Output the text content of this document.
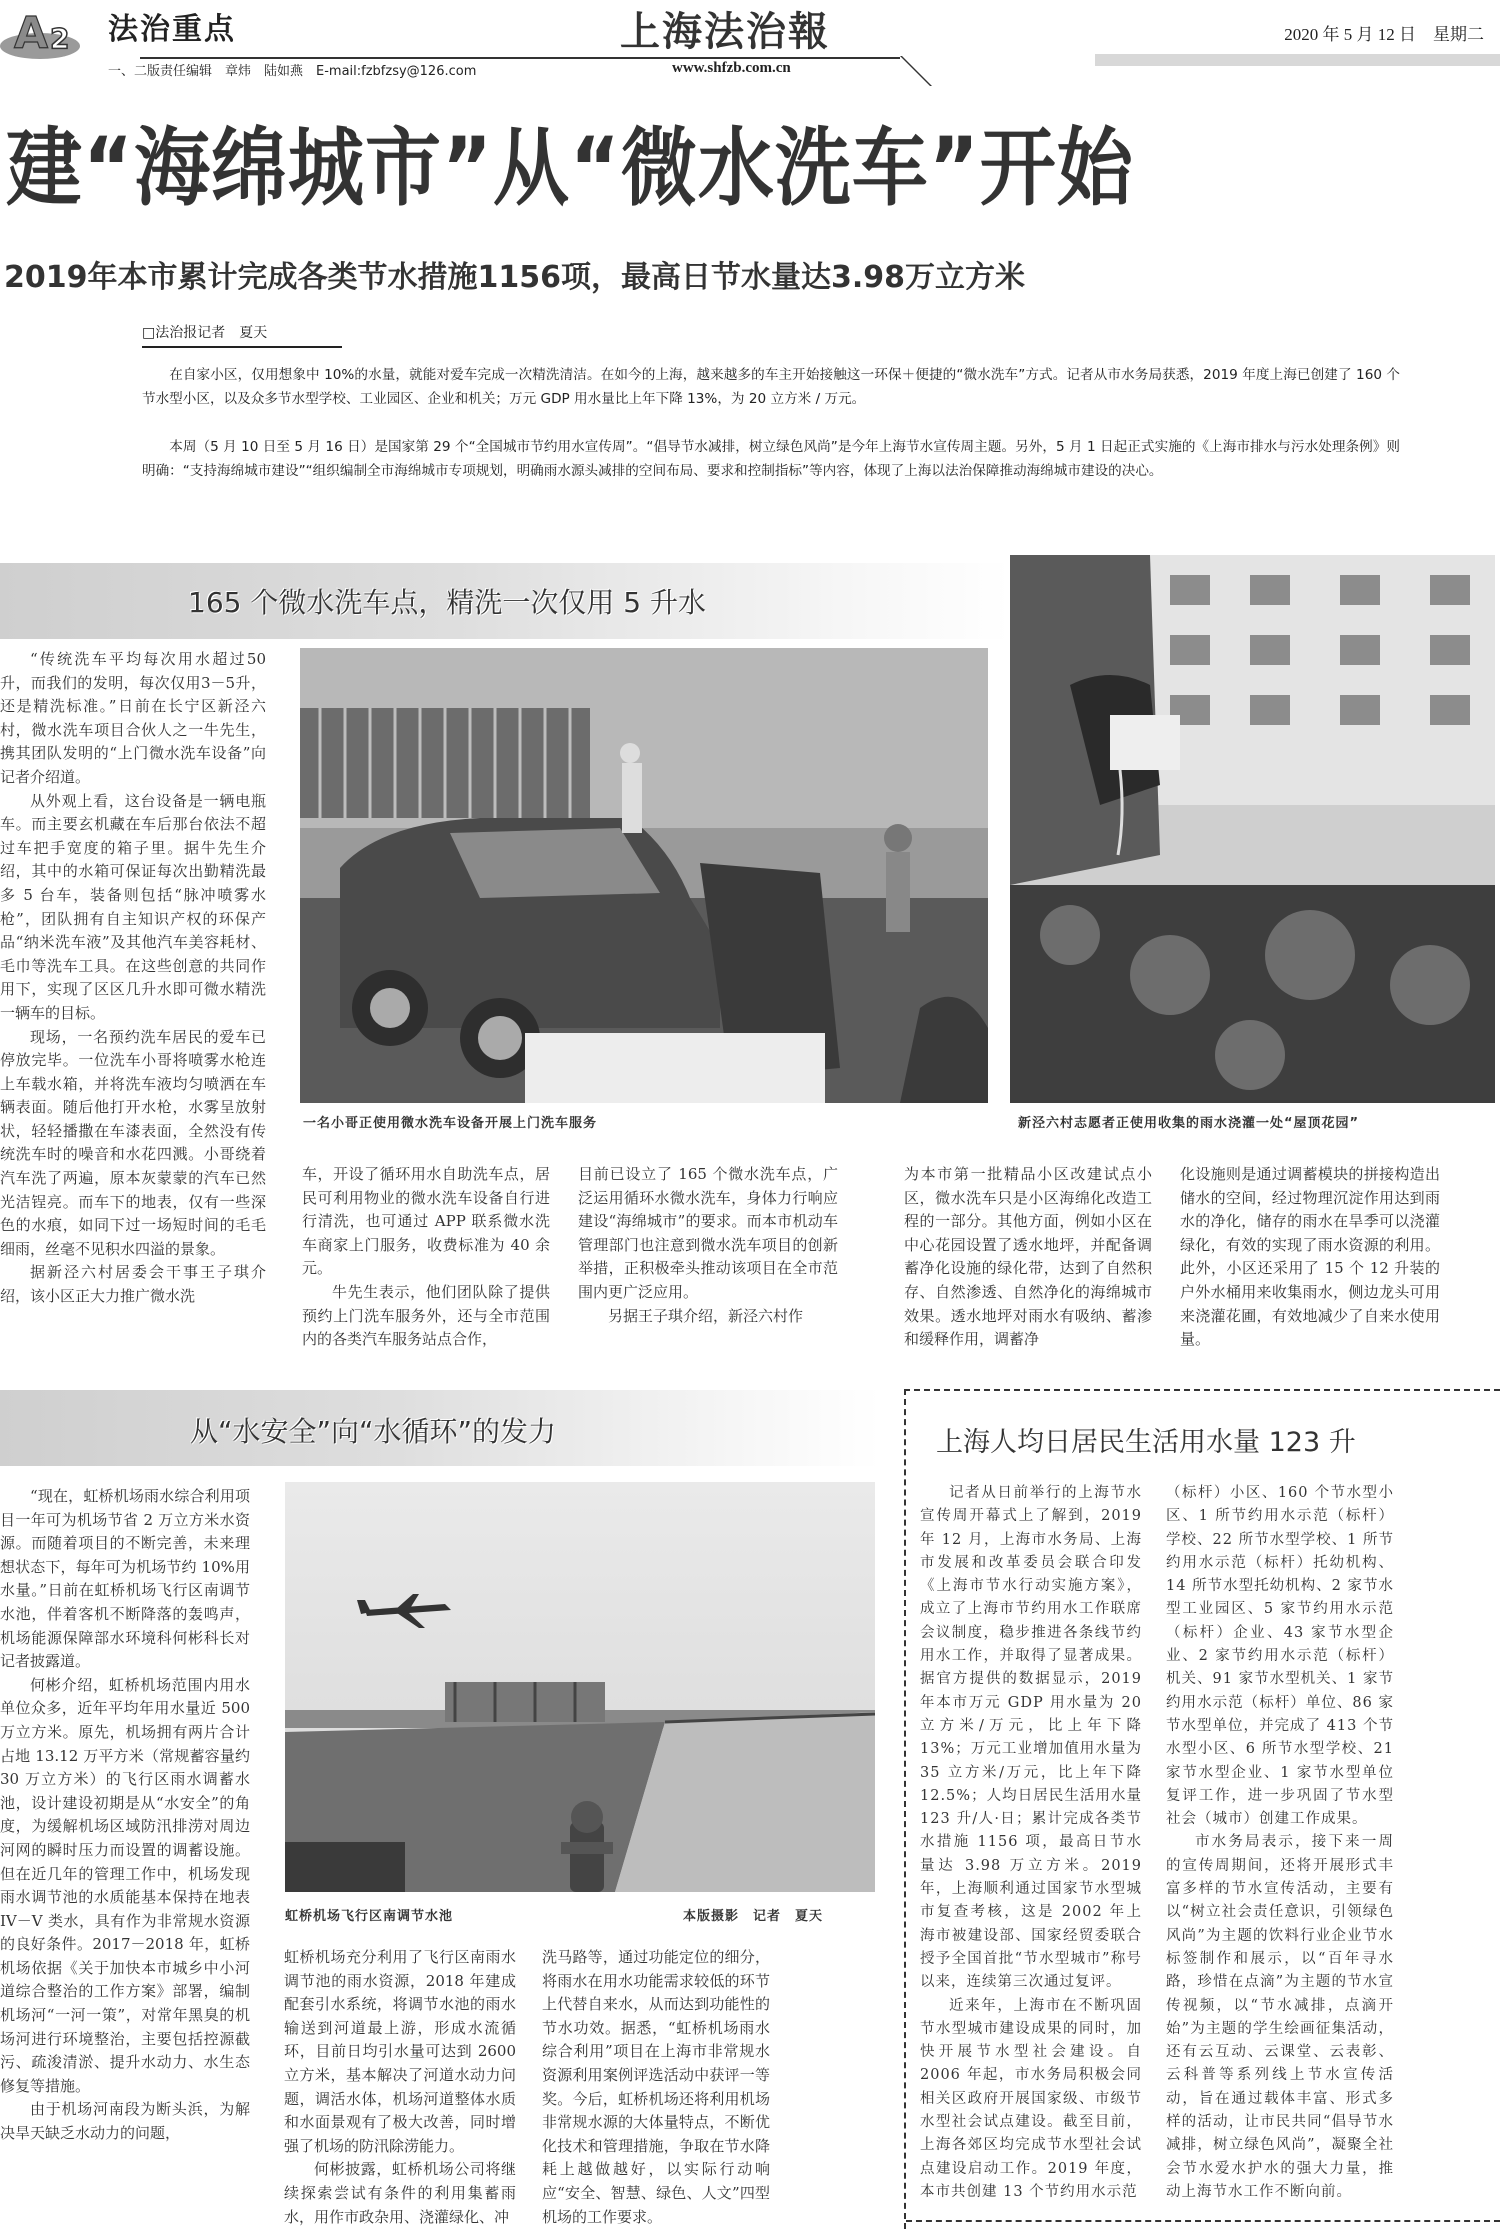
A 2 法治重点
一、二版责任编辑　章炜　陆如燕　E-mail:fzbfzsy@126.com
上海法治報
www.shfzb.com.cn
2020 年 5 月 12 日　星期二
建“海绵城市”从“微水洗车”开始
2019年本市累计完成各类节水措施1156项，最高日节水量达3.98万立方米
□法治报记者　夏天

在自家小区，仅用想象中 10%的水量，就能对爱车完成一次精洗清洁。在如今的上海，越来越多的车主开始接触这一环保＋便捷的“微水洗车”方式。记者从市水务局获悉，2019 年度上海已创建了 160 个节水型小区，以及众多节水型学校、工业园区、企业和机关；万元 GDP 用水量比上年下降 13%，为 20 立方米 / 万元。

本周（5 月 10 日至 5 月 16 日）是国家第 29 个“全国城市节约用水宣传周”。“倡导节水减排，树立绿色风尚”是今年上海节水宣传周主题。另外，5 月 1 日起正式实施的《上海市排水与污水处理条例》则明确：“支持海绵城市建设”“组织编制全市海绵城市专项规划，明确雨水源头减排的空间布局、要求和控制指标”等内容，体现了上海以法治保障推动海绵城市建设的决心。

165 个微水洗车点，精洗一次仅用 5 升水

“传统洗车平均每次用水超过50升，而我们的发明，每次仅用3－5升，还是精洗标准。”日前在长宁区新泾六村，微水洗车项目合伙人之一牛先生，携其团队发明的“上门微水洗车设备”向记者介绍道。

从外观上看，这台设备是一辆电瓶车。而主要玄机藏在车后那台依法不超过车把手宽度的箱子里。据牛先生介绍，其中的水箱可保证每次出勤精洗最多 5 台车，装备则包括“脉冲喷雾水枪”，团队拥有自主知识产权的环保产品“纳米洗车液”及其他汽车美容耗材、毛巾等洗车工具。在这些创意的共同作用下，实现了区区几升水即可微水精洗一辆车的目标。

现场，一名预约洗车居民的爱车已停放完毕。一位洗车小哥将喷雾水枪连上车载水箱，并将洗车液均匀喷洒在车辆表面。随后他打开水枪，水雾呈放射状，轻轻播撒在车漆表面，全然没有传统洗车时的噪音和水花四溅。小哥绕着汽车洗了两遍，原本灰蒙蒙的汽车已然光洁锃亮。而车下的地表，仅有一些深色的水痕，如同下过一场短时间的毛毛细雨，丝毫不见积水四溢的景象。

据新泾六村居委会干事王子琪介绍，该小区正大力推广微水洗

一名小哥正使用微水洗车设备开展上门洗车服务	新泾六村志愿者正使用收集的雨水浇灌一处“屋顶花园”

车，开设了循环用水自助洗车点，居民可利用物业的微水洗车设备自行进行清洗，也可通过 APP 联系微水洗车商家上门服务，收费标准为 40 余元。

牛先生表示，他们团队除了提供预约上门洗车服务外，还与全市范围内的各类汽车服务站点合作，

目前已设立了 165 个微水洗车点，广泛运用循环水微水洗车，身体力行响应建设“海绵城市”的要求。而本市机动车管理部门也注意到微水洗车项目的创新举措，正积极牵头推动该项目在全市范围内更广泛应用。

另据王子琪介绍，新泾六村作

为本市第一批精品小区改建试点小区，微水洗车只是小区海绵化改造工程的一部分。其他方面，例如小区在中心花园设置了透水地坪，并配备调蓄净化设施的绿化带，达到了自然积存、自然渗透、自然净化的海绵城市效果。透水地坪对雨水有吸纳、蓄渗和缓释作用，调蓄净

化设施则是通过调蓄模块的拼接构造出储水的空间，经过物理沉淀作用达到雨水的净化，储存的雨水在旱季可以浇灌绿化，有效的实现了雨水资源的利用。此外，小区还采用了 15 个 12 升装的户外水桶用来收集雨水，侧边龙头可用来浇灌花圃，有效地减少了自来水使用量。

从“水安全”向“水循环”的发力

“现在，虹桥机场雨水综合利用项目一年可为机场节省 2 万立方米水资源。而随着项目的不断完善，未来理想状态下，每年可为机场节约 10%用水量。”日前在虹桥机场飞行区南调节水池，伴着客机不断降落的轰鸣声，机场能源保障部水环境科何彬科长对记者披露道。

何彬介绍，虹桥机场范围内用水单位众多，近年平均年用水量近 500 万立方米。原先，机场拥有两片合计占地 13.12 万平方米（常规蓄容量约 30 万立方米）的飞行区雨水调蓄水池，设计建设初期是从“水安全”的角度，为缓解机场区域防汛排涝对周边河网的瞬时压力而设置的调蓄设施。但在近几年的管理工作中，机场发现雨水调节池的水质能基本保持在地表 IV－V 类水，具有作为非常规水资源的良好条件。2017－2018 年，虹桥机场依据《关于加快本市城乡中小河道综合整治的工作方案》部署，编制机场河“一河一策”，对常年黑臭的机场河进行环境整治，主要包括控源截污、疏浚清淤、提升水动力、水生态修复等措施。

由于机场河南段为断头浜，为解决旱天缺乏水动力的问题，

虹桥机场飞行区南调节水池	本版摄影　记者　夏天

虹桥机场充分利用了飞行区南雨水调节池的雨水资源，2018 年建成配套引水系统，将调节水池的雨水输送到河道最上游，形成水流循环，目前日均引水量可达到 2600 立方米，基本解决了河道水动力问题，调活水体，机场河道整体水质和水面景观有了极大改善，同时增强了机场的防汛除涝能力。

何彬披露，虹桥机场公司将继续探索尝试有条件的利用集蓄雨水，用作市政杂用、浇灌绿化、冲

洗马路等，通过功能定位的细分，将雨水在用水功能需求较低的环节上代替自来水，从而达到功能性的节水功效。据悉，“虹桥机场雨水综合利用”项目在上海市非常规水资源利用案例评选活动中获评一等奖。今后，虹桥机场还将利用机场非常规水源的大体量特点，不断优化技术和管理措施，争取在节水降耗上越做越好，以实际行动响应“安全、智慧、绿色、人文”四型机场的工作要求。

上海人均日居民生活用水量 123 升

记者从日前举行的上海节水宣传周开幕式上了解到，2019 年 12 月，上海市水务局、上海市发展和改革委员会联合印发《上海市节水行动实施方案》，成立了上海市节约用水工作联席会议制度，稳步推进各条线节约用水工作，并取得了显著成果。据官方提供的数据显示，2019 年本市万元 GDP 用水量为 20 立方米/万元，比上年下降 13%；万元工业增加值用水量为 35 立方米/万元，比上年下降 12.5%；人均日居民生活用水量 123 升/人·日；累计完成各类节水措施 1156 项，最高日节水量达 3.98 万立方米。2019 年，上海顺利通过国家节水型城市复查考核，这是 2002 年上海市被建设部、国家经贸委联合授予全国首批“节水型城市”称号以来，连续第三次通过复评。

近来年，上海市在不断巩固节水型城市建设成果的同时，加快开展节水型社会建设。自 2006 年起，市水务局积极会同相关区政府开展国家级、市级节水型社会试点建设。截至目前，上海各郊区均完成节水型社会试点建设启动工作。2019 年度，本市共创建 13 个节约用水示范

（标杆）小区、160 个节水型小区、1 所节约用水示范（标杆）学校、22 所节水型学校、1 所节约用水示范（标杆）托幼机构、14 所节水型托幼机构、2 家节水型工业园区、5 家节约用水示范（标杆）企业、43 家节水型企业、2 家节约用水示范（标杆）机关、91 家节水型机关、1 家节约用水示范（标杆）单位、86 家节水型单位，并完成了 413 个节水型小区、6 所节水型学校、21 家节水型企业、1 家节水型单位复评工作，进一步巩固了节水型社会（城市）创建工作成果。

市水务局表示，接下来一周的宣传周期间，还将开展形式丰富多样的节水宣传活动，主要有以“树立社会责任意识，引领绿色风尚”为主题的饮料行业企业节水标签制作和展示，以“百年寻水路，珍惜在点滴”为主题的节水宣传视频，以“节水减排，点滴开始”为主题的学生绘画征集活动，还有云互动、云课堂、云表彰、云科普等系列线上节水宣传活动，旨在通过载体丰富、形式多样的活动，让市民共同“倡导节水减排，树立绿色风尚”，凝聚全社会节水爱水护水的强大力量，推动上海节水工作不断向前。
